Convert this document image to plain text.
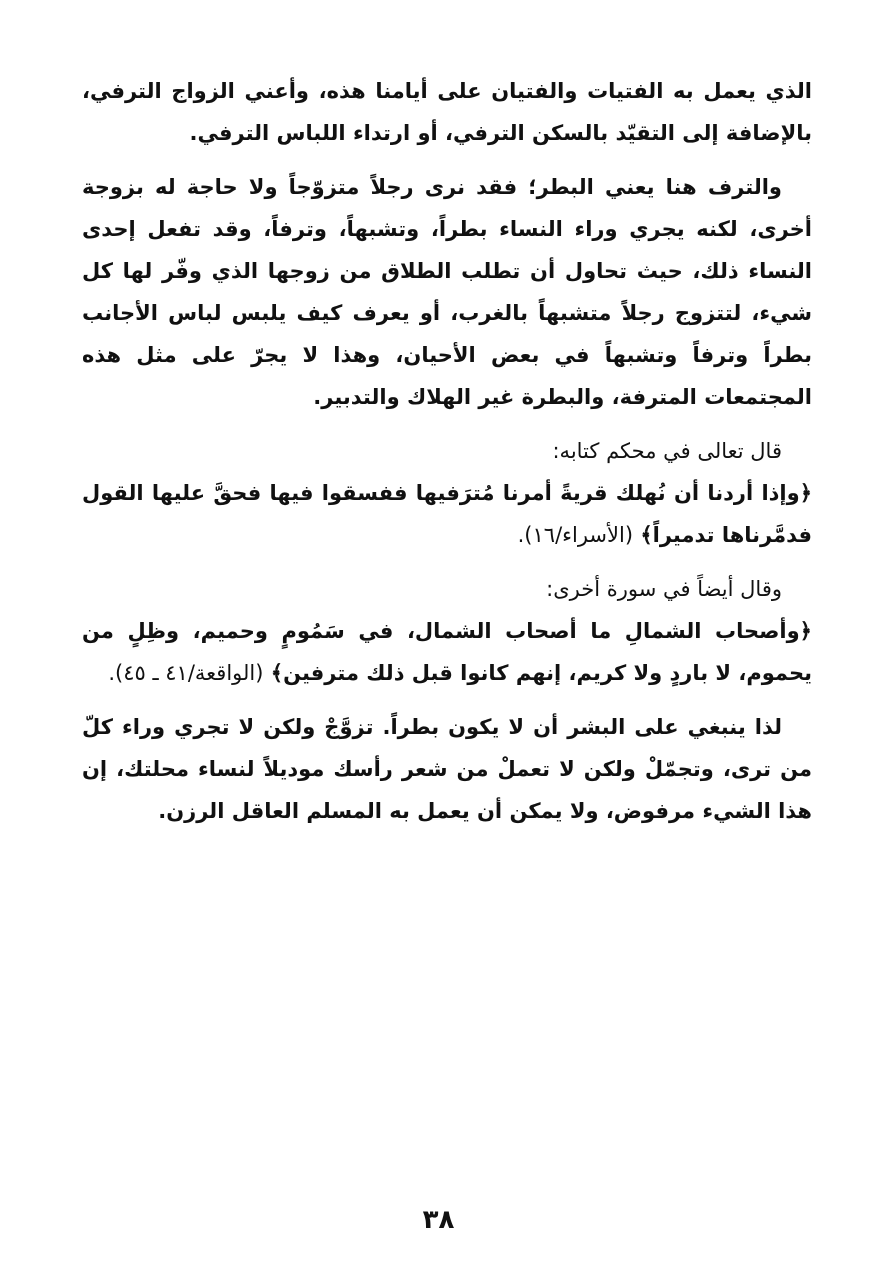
الذي يعمل به الفتيات والفتيان على أيامنا هذه، وأعني الزواج الترفي، بالإضافة إلى التقيّد بالسكن الترفي، أو ارتداء اللباس الترفي.

والترف هنا يعني البطر؛ فقد نرى رجلاً متزوّجاً ولا حاجة له بزوجة أخرى، لكنه يجري وراء النساء بطراً، وتشبهاً، وترفاً، وقد تفعل إحدى النساء ذلك، حيث تحاول أن تطلب الطلاق من زوجها الذي وفّر لها كل شيء، لتتزوج رجلاً متشبهاً بالغرب، أو يعرف كيف يلبس لباس الأجانب بطراً وترفاً وتشبهاً في بعض الأحيان، وهذا لا يجرّ على مثل هذه المجتمعات المترفة، والبطرة غير الهلاك والتدبير.

قال تعالى في محكم كتابه:

﴿وإذا أردنا أن نُهلك قريةً أمرنا مُترَفيها ففسقوا فيها فحقَّ عليها القول فدمَّرناها تدميراً﴾ (الأسراء/١٦).

وقال أيضاً في سورة أخرى:

﴿وأصحاب الشمالِ ما أصحاب الشمال، في سَمُومٍ وحميم، وظِلٍ من يحموم، لا باردٍ ولا كريم، إنهم كانوا قبل ذلك مترفين﴾ (الواقعة/٤١ ـ ٤٥).

لذا ينبغي على البشر أن لا يكون بطراً. تزوَّجْ ولكن لا تجري وراء كلّ من ترى، وتجمّلْ ولكن لا تعملْ من شعر رأسك موديلاً لنساء محلتك، إن هذا الشيء مرفوض، ولا يمكن أن يعمل به المسلم العاقل الرزن.

٣٨
